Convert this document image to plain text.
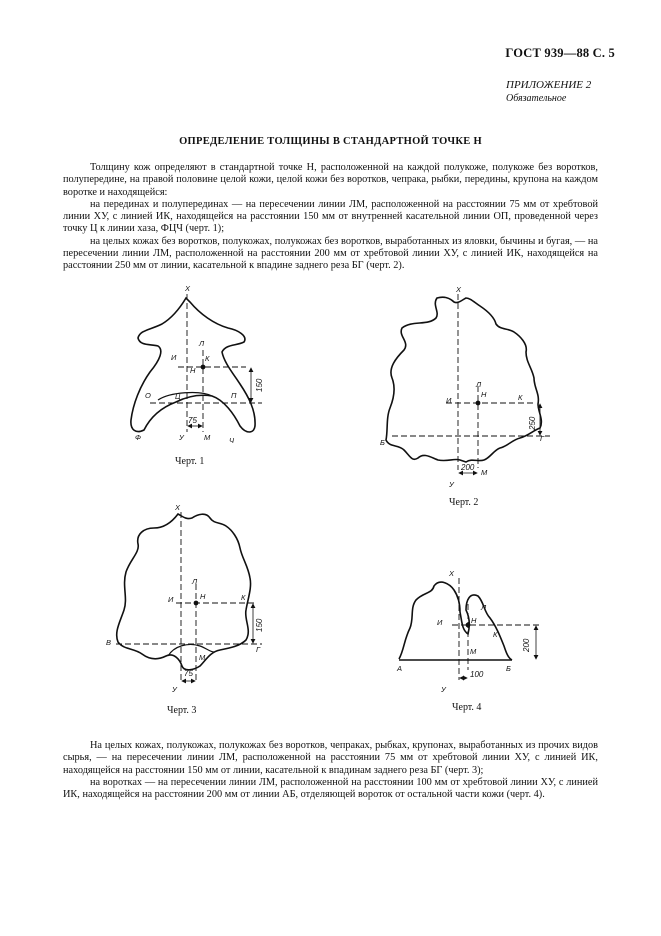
ГОСТ 939—88 С. 5
ПРИЛОЖЕНИЕ 2
Обязательное
ОПРЕДЕЛЕНИЕ ТОЛЩИНЫ В СТАНДАРТНОЙ ТОЧКЕ Н

Толщину кож определяют в стандартной точке Н, расположенной на каждой полукоже, полукоже без воротков, полупередине, на правой половине целой кожи, целой кожи без воротков, чепрака, рыбки, передины, крупона на каждом воротке и находящейся:

на перединах и полуперединах — на пересечении линии ЛМ, расположенной на расстоянии 75 мм от хребтовой линии ХУ, с линией ИК, находящейся на расстоянии 150 мм от внутренней касательной линии ОП, проведенной через точку Ц к линии хаза, ФЦЧ (черт. 1);

на целых кожах без воротков, полукожах, полукожах без воротков, выработанных из яловки, бычины и бугая, — на пересечении линии ЛМ, расположенной на расстоянии 200 мм от хребтовой линии ХУ, с линией ИК, находящейся на расстоянии 250 мм от линии, касательной к впадине заднего реза БГ (черт. 2).

На целых кожах, полукожах, полукожах без воротков, чепраках, рыбках, крупонах, выработанных из прочих видов сырья, — на пересечении линии ЛМ, расположенной на расстоянии 75 мм от хребтовой линии ХУ, с линией ИК, находящейся на расстоянии 150 мм от линии, касательной к впадинам заднего реза БГ (черт. 3);

на воротках — на пересечении линии ЛМ, расположенной на расстоянии 100 мм от хребтовой линии ХУ, с линией ИК, находящейся на расстоянии 200 мм от линии АБ, отделяющей вороток от остальной части кожи (черт. 4).

Х
Л
И	К
Н
О	Ц	П
Ф	У	М	Ч
150
75
Черт. 1
Х
Л
И
Н	К
Б	Г
М
У
250
200
Черт. 2
Х
Л
И	Н	К
В
Г
М
У
150
75
Черт. 3
Х
Л
И	Н
К
А	Б
М
У
200
100
Черт. 4
